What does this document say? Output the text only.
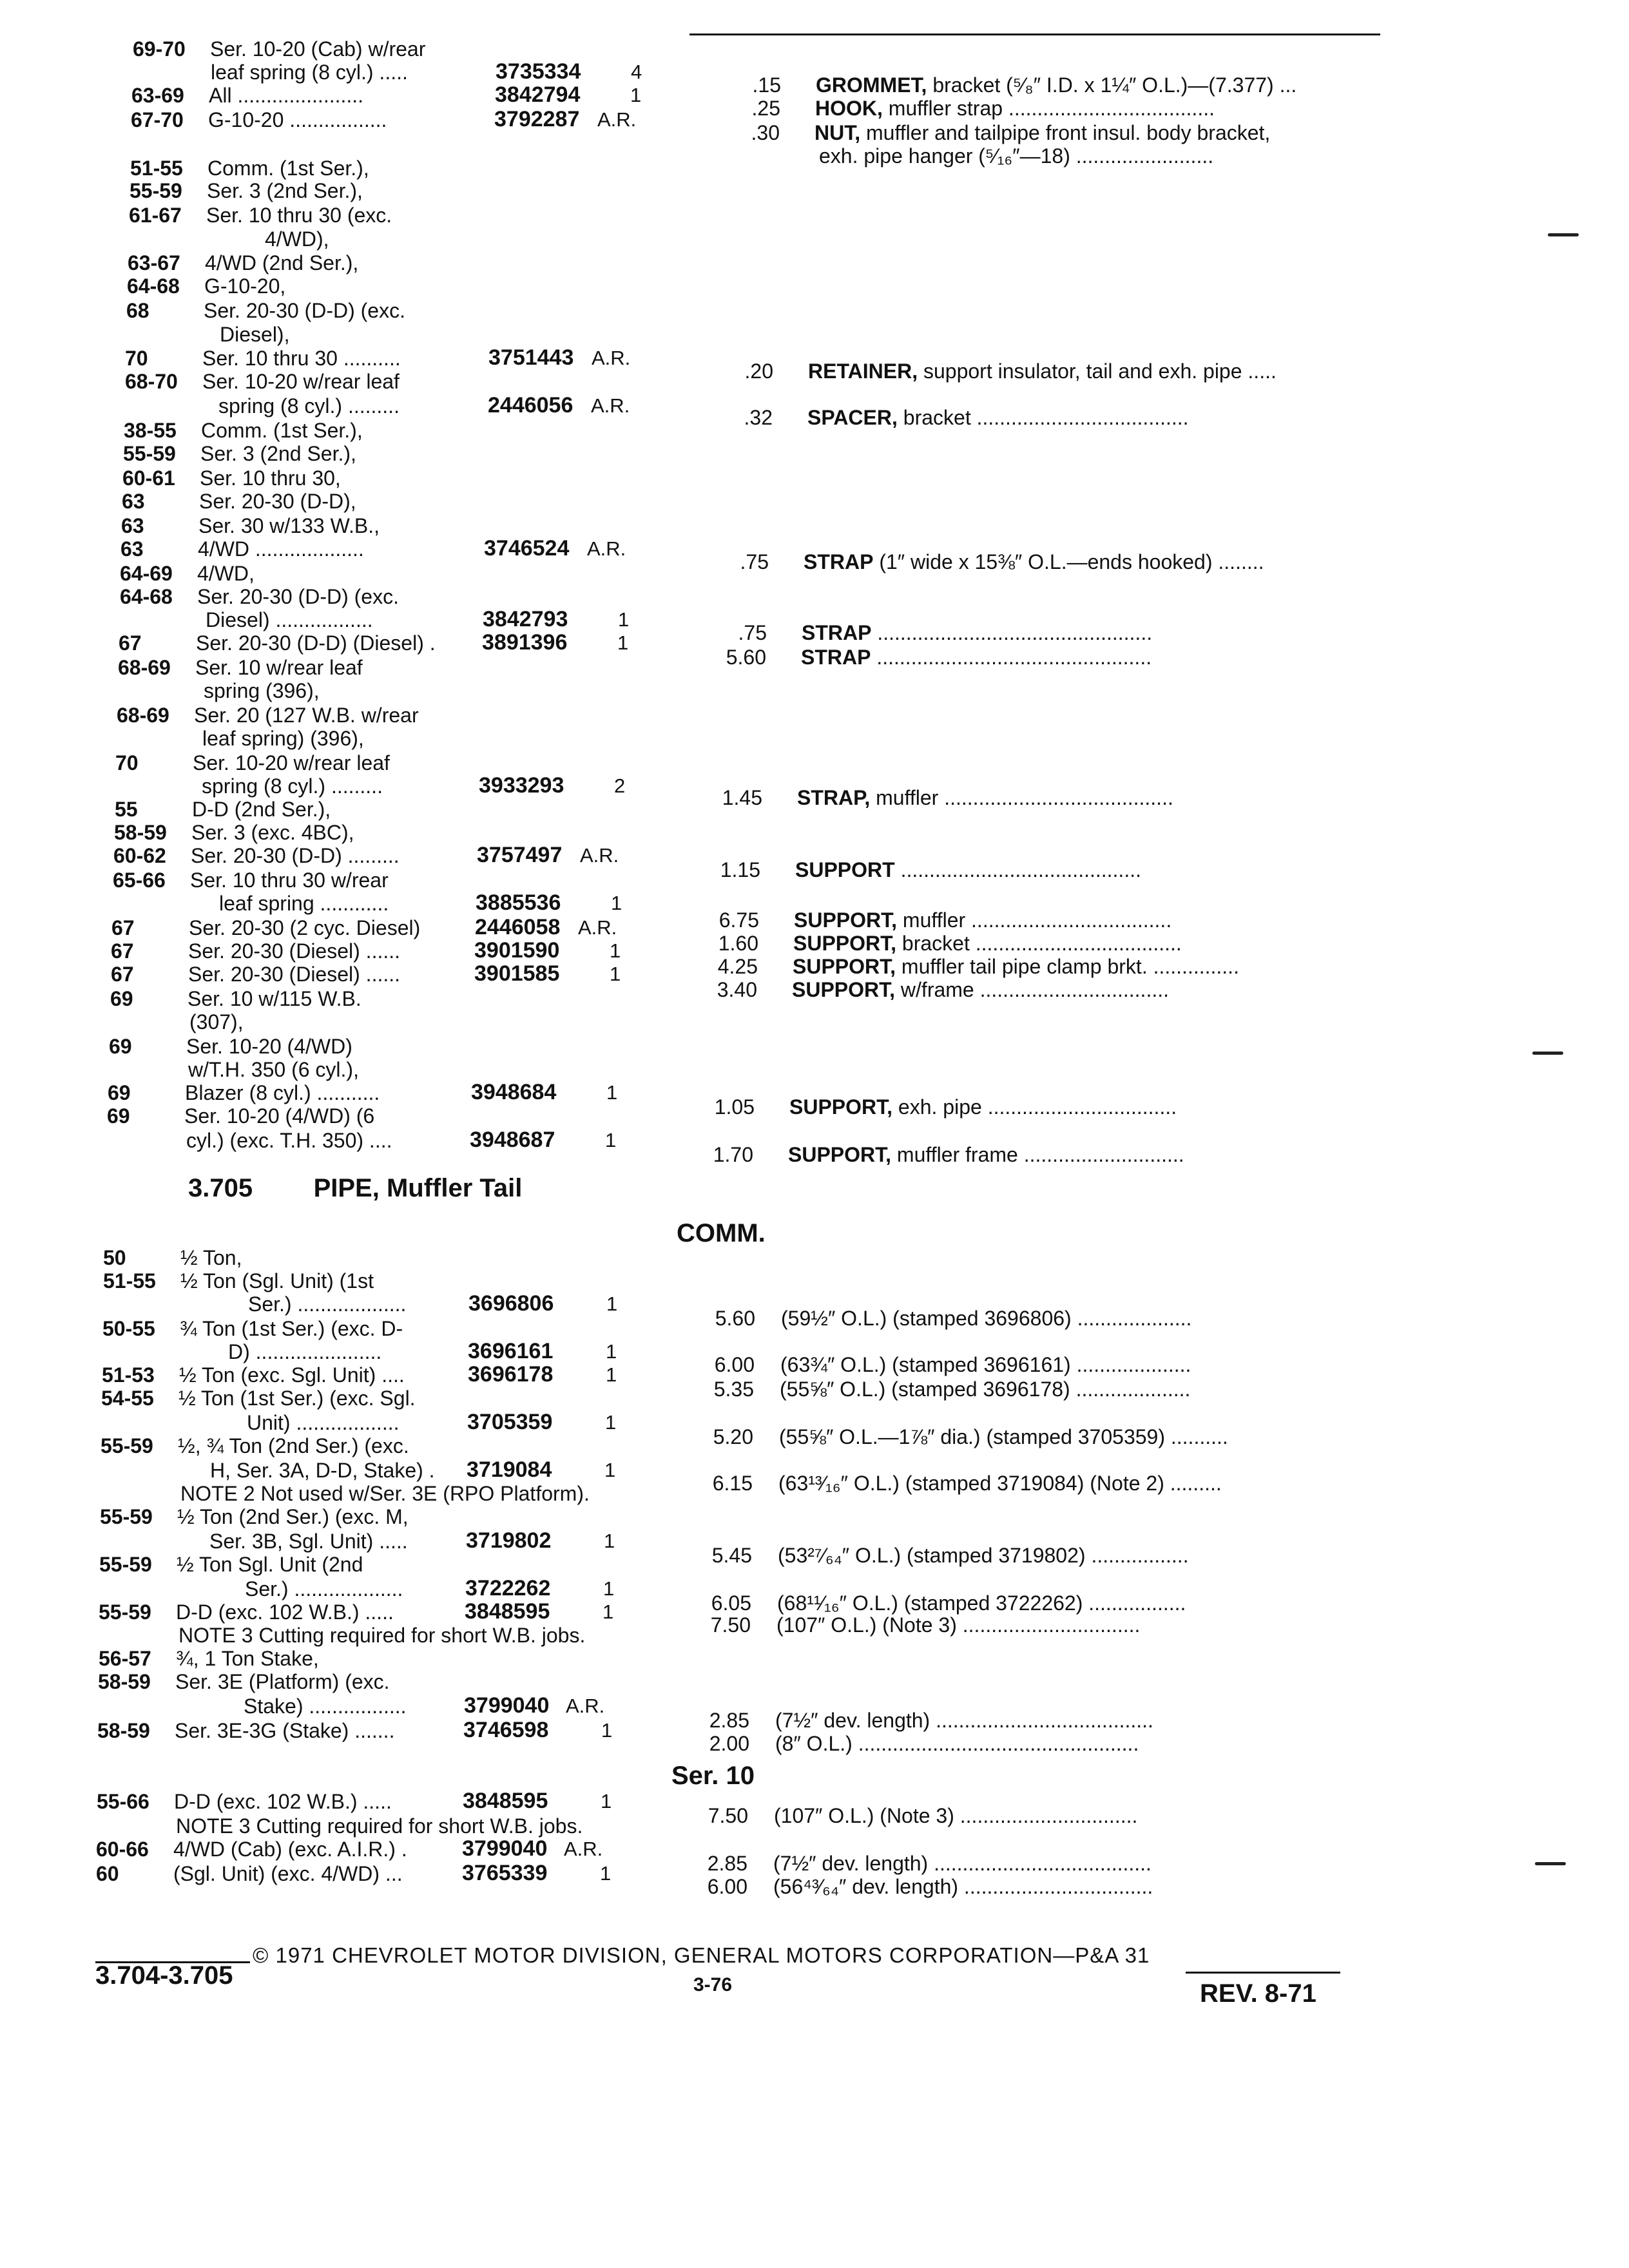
69-70 Ser. 10-20 (Cab) w/rear
leaf spring (8 cyl.) .....	3735334	4
63-69 All ......................	3842794	1
67-70 G-10-20 .................	3792287 A.R.
51-55 Comm. (1st Ser.),
55-59 Ser. 3 (2nd Ser.),
61-67 Ser. 10 thru 30 (exc.
4/WD),
63-67 4/WD (2nd Ser.),
64-68 G-10-20,
68	Ser. 20-30 (D-D) (exc.
Diesel),
70	Ser. 10 thru 30 ..........	3751443 A.R.
68-70 Ser. 10-20 w/rear leaf
spring (8 cyl.) .........	2446056 A.R.
38-55 Comm. (1st Ser.),
55-59 Ser. 3 (2nd Ser.),
60-61 Ser. 10 thru 30,
63	Ser. 20-30 (D-D),
63	Ser. 30 w/133 W.B.,
63	4/WD ...................	3746524 A.R.
64-69 4/WD,
64-68 Ser. 20-30 (D-D) (exc.
Diesel) .................	3842793	1
67	Ser. 20-30 (D-D) (Diesel) . 3891396	1
68-69 Ser. 10 w/rear leaf
spring (396),
68-69 Ser. 20 (127 W.B. w/rear
leaf spring) (396),
70	Ser. 10-20 w/rear leaf
spring (8 cyl.) .........	3933293	2
55	D-D (2nd Ser.),
58-59 Ser. 3 (exc. 4BC),
60-62 Ser. 20-30 (D-D) .........	3757497 A.R.
65-66 Ser. 10 thru 30 w/rear
leaf spring ............	3885536	1
67	Ser. 20-30 (2 cyc. Diesel) 2446058 A.R.
67	Ser. 20-30 (Diesel) ......	3901590	1
67	Ser. 20-30 (Diesel) ......	3901585	1
69	Ser. 10 w/115 W.B.
(307),
69	Ser. 10-20 (4/WD)
w/T.H. 350 (6 cyl.),
69	Blazer (8 cyl.) ...........	3948684	1
69	Ser. 10-20 (4/WD) (6
cyl.) (exc. T.H. 350) ....	3948687	1
.15 GROMMET, bracket (⁵⁄₈″ I.D. x 1¼″ O.L.)—(7.377) ...
.25 HOOK, muffler strap ....................................
.30 NUT, muffler and tailpipe front insul. body bracket,
exh. pipe hanger (⁵⁄₁₆″—18) ........................
.20 RETAINER, support insulator, tail and exh. pipe .....
.32 SPACER, bracket .....................................
.75 STRAP (1″ wide x 15⅜″ O.L.—ends hooked) ........
.75 STRAP ................................................
5.60 STRAP ................................................
1.45 STRAP, muffler ........................................
1.15 SUPPORT ..........................................
6.75 SUPPORT, muffler ...................................
1.60 SUPPORT, bracket ....................................
4.25 SUPPORT, muffler tail pipe clamp brkt. ...............
3.40 SUPPORT, w/frame .................................
1.05 SUPPORT, exh. pipe .................................
1.70 SUPPORT, muffler frame ............................
3.705 PIPE, Muffler Tail
COMM.
Ser. 10
50	½ Ton,
51-55 ½ Ton (Sgl. Unit) (1st
Ser.) ...................	3696806	1
50-55 ¾ Ton (1st Ser.) (exc. D-
D) ......................	3696161	1
51-53 ½ Ton (exc. Sgl. Unit) ....	3696178	1
54-55 ½ Ton (1st Ser.) (exc. Sgl.
Unit) ..................	3705359	1
55-59 ½, ¾ Ton (2nd Ser.) (exc.
H, Ser. 3A, D-D, Stake) . 3719084	1
NOTE 2 Not used w/Ser. 3E (RPO Platform).
55-59 ½ Ton (2nd Ser.) (exc. M,
Ser. 3B, Sgl. Unit) .....	3719802	1
55-59 ½ Ton Sgl. Unit (2nd
Ser.) ...................	3722262	1
55-59 D-D (exc. 102 W.B.) .....	3848595	1
NOTE 3 Cutting required for short W.B. jobs.
56-57 ¾, 1 Ton Stake,
58-59 Ser. 3E (Platform) (exc.
Stake) .................	3799040 A.R.
58-59 Ser. 3E-3G (Stake) .......	3746598	1
55-66 D-D (exc. 102 W.B.) .....	3848595	1
NOTE 3 Cutting required for short W.B. jobs.
60-66 4/WD (Cab) (exc. A.I.R.) .	3799040 A.R.
60	(Sgl. Unit) (exc. 4/WD) ...	3765339	1
5.60 (59½″ O.L.) (stamped 3696806) ....................
6.00 (63¾″ O.L.) (stamped 3696161) ....................
5.35 (55⅝″ O.L.) (stamped 3696178) ....................
5.20 (55⅝″ O.L.—1⅞″ dia.) (stamped 3705359) ..........
6.15 (63¹³⁄₁₆″ O.L.) (stamped 3719084) (Note 2) .........
5.45 (53²⁷⁄₆₄″ O.L.) (stamped 3719802) .................
6.05 (68¹¹⁄₁₆″ O.L.) (stamped 3722262) .................
7.50 (107″ O.L.) (Note 3) ...............................
2.85 (7½″ dev. length) ......................................
2.00 (8″ O.L.) .................................................
7.50 (107″ O.L.) (Note 3) ...............................
2.85 (7½″ dev. length) ......................................
6.00 (56⁴³⁄₆₄″ dev. length) .................................
© 1971 CHEVROLET MOTOR DIVISION, GENERAL MOTORS CORPORATION—P&A 31
3.704-3.705	3-76	REV. 8-71
